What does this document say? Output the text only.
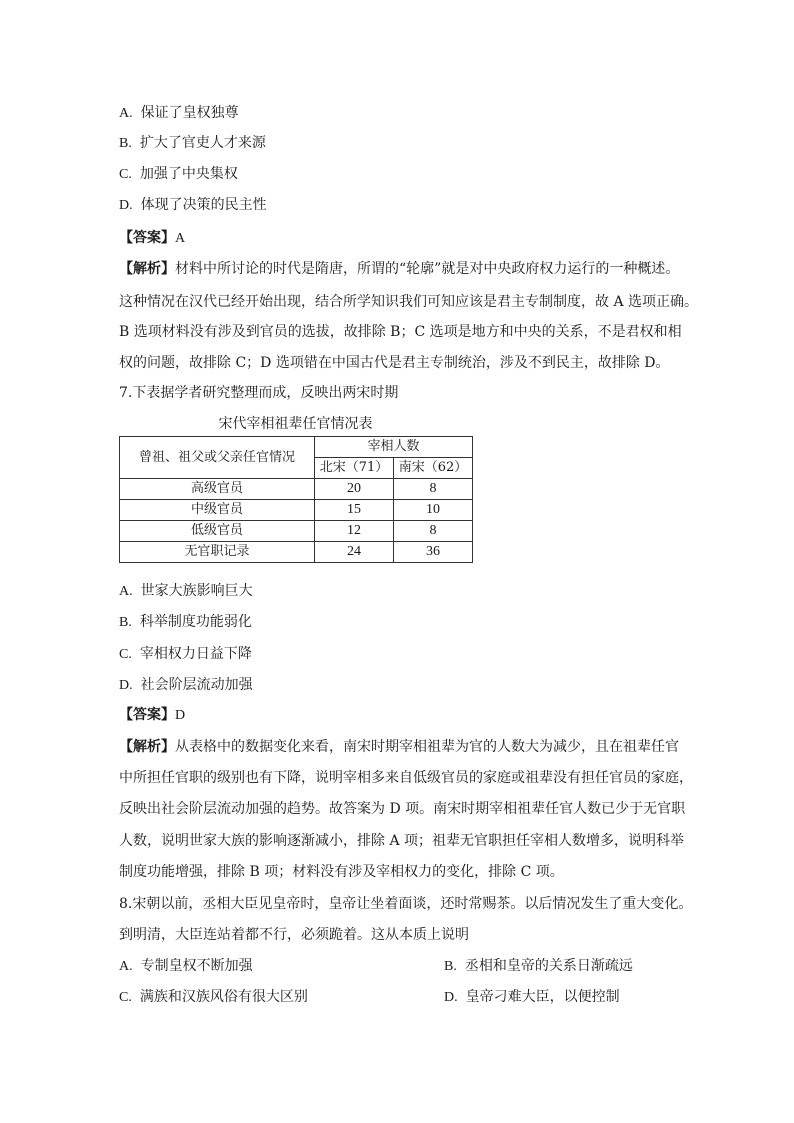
A. 保证了皇权独尊
B. 扩大了官吏人才来源
C. 加强了中央集权
D. 体现了决策的民主性
【答案】A
【解析】材料中所讨论的时代是隋唐，所谓的“轮廓”就是对中央政府权力运行的一种概述。
这种情况在汉代已经开始出现，结合所学知识我们可知应该是君主专制制度，故 A 选项正确。
B 选项材料没有涉及到官员的选拔，故排除 B；C 选项是地方和中央的关系，不是君权和相
权的问题，故排除 C；D 选项错在中国古代是君主专制统治，涉及不到民主，故排除 D。
7.下表据学者研究整理而成，反映出两宋时期
宋代宰相祖辈任官情况表
曾祖、祖父或父亲任官情况	宰相人数	
	北宋（71）	南宋（62）
高级官员	20	8
中级官员	15	10
低级官员	12	8
无官职记录	24	36
A. 世家大族影响巨大
B. 科举制度功能弱化
C. 宰相权力日益下降
D. 社会阶层流动加强
【答案】D
【解析】从表格中的数据变化来看，南宋时期宰相祖辈为官的人数大为减少，且在祖辈任官
中所担任官职的级别也有下降，说明宰相多来自低级官员的家庭或祖辈没有担任官员的家庭，
反映出社会阶层流动加强的趋势。故答案为 D 项。南宋时期宰相祖辈任官人数已少于无官职
人数，说明世家大族的影响逐渐减小，排除 A 项；祖辈无官职担任宰相人数增多，说明科举
制度功能增强，排除 B 项；材料没有涉及宰相权力的变化，排除 C 项。
8.宋朝以前，丞相大臣见皇帝时，皇帝让坐着面谈，还时常赐茶。以后情况发生了重大变化。
到明清，大臣连站着都不行，必须跪着。这从本质上说明
A. 专制皇权不断加强	B. 丞相和皇帝的关系日渐疏远
C. 满族和汉族风俗有很大区别	D. 皇帝刁难大臣，以便控制
